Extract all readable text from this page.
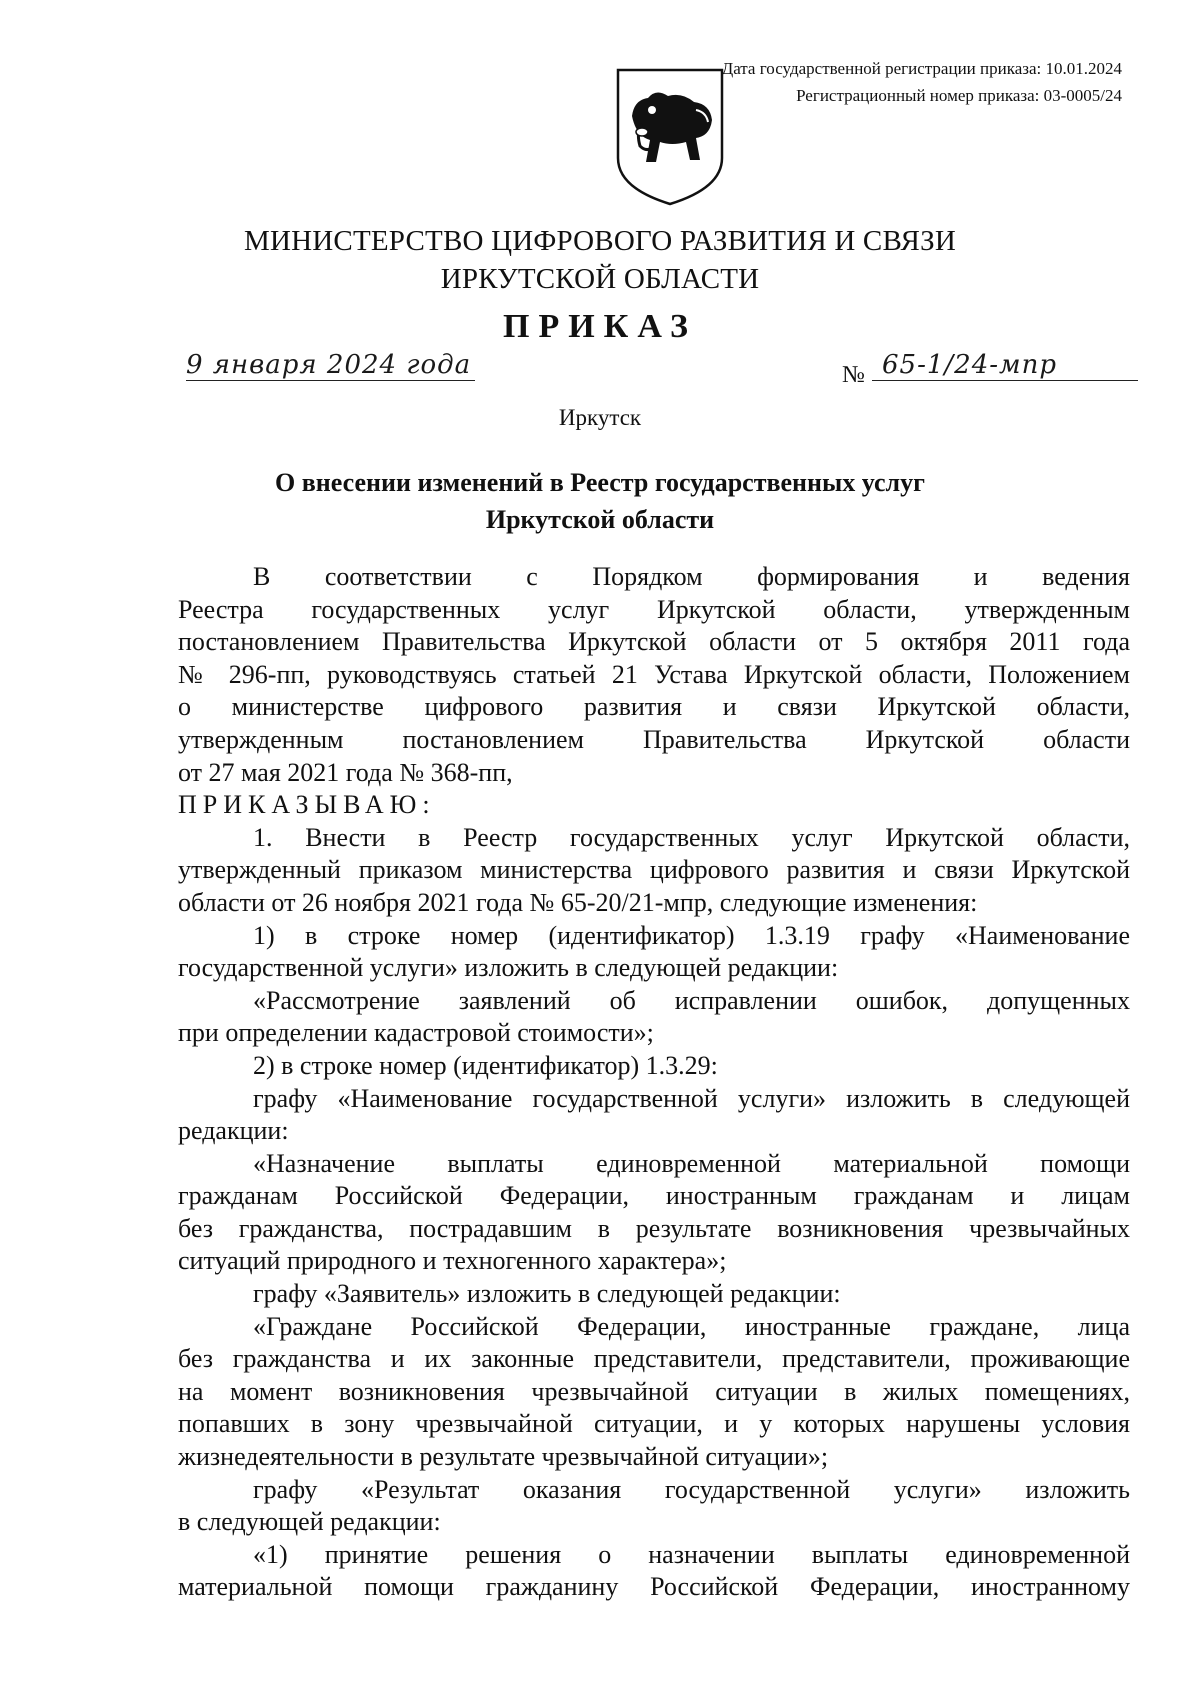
Дата государственной регистрации приказа: 10.01.2024
Регистрационный номер приказа: 03-0005/24
МИНИСТЕРСТВО ЦИФРОВОГО РАЗВИТИЯ И СВЯЗИ
ИРКУТСКОЙ ОБЛАСТИ
ПРИКАЗ
9 января 2024 года	№ 65-1/24-мпр
Иркутск
О внесении изменений в Реестр государственных услуг
Иркутской области
В соответствии с Порядком формирования и ведения
Реестра государственных услуг Иркутской области, утвержденным
постановлением Правительства Иркутской области от 5 октября 2011 года
№ 296-пп, руководствуясь статьей 21 Устава Иркутской области, Положением
о министерстве цифрового развития и связи Иркутской области,
утвержденным постановлением Правительства Иркутской области
от 27 мая 2021 года № 368-пп,
ПРИКАЗЫВАЮ:
1. Внести в Реестр государственных услуг Иркутской области,
утвержденный приказом министерства цифрового развития и связи Иркутской
области от 26 ноября 2021 года № 65-20/21-мпр, следующие изменения:
1) в строке номер (идентификатор) 1.3.19 графу «Наименование
государственной услуги» изложить в следующей редакции:
«Рассмотрение заявлений об исправлении ошибок, допущенных
при определении кадастровой стоимости»;
2) в строке номер (идентификатор) 1.3.29:
графу «Наименование государственной услуги» изложить в следующей
редакции:
«Назначение выплаты единовременной материальной помощи
гражданам Российской Федерации, иностранным гражданам и лицам
без гражданства, пострадавшим в результате возникновения чрезвычайных
ситуаций природного и техногенного характера»;
графу «Заявитель» изложить в следующей редакции:
«Граждане Российской Федерации, иностранные граждане, лица
без гражданства и их законные представители, представители, проживающие
на момент возникновения чрезвычайной ситуации в жилых помещениях,
попавших в зону чрезвычайной ситуации, и у которых нарушены условия
жизнедеятельности в результате чрезвычайной ситуации»;
графу «Результат оказания государственной услуги» изложить
в следующей редакции:
«1) принятие решения о назначении выплаты единовременной
материальной помощи гражданину Российской Федерации, иностранному
